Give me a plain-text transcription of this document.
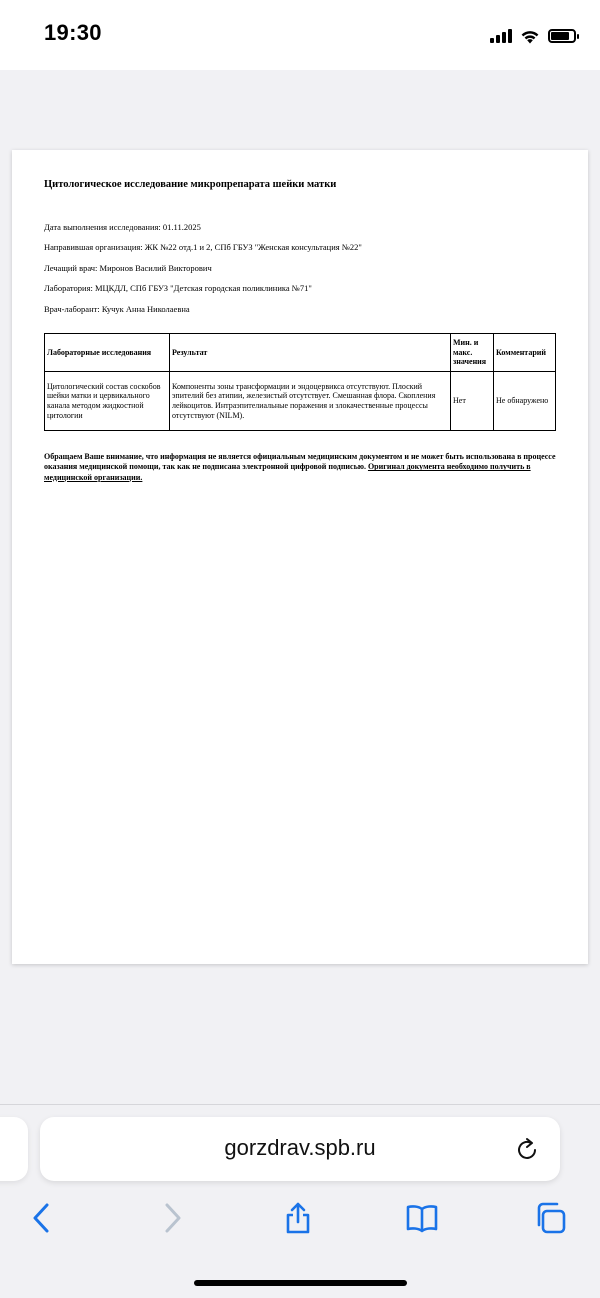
19:30
Цитологическое исследование микропрепарата шейки матки
Дата выполнения исследования: 01.11.2025
Направившая организация: ЖК №22 отд.1 и 2, СПб ГБУЗ "Женская консультация №22"
Лечащий врач: Миронов Василий Викторович
Лаборатория: МЦКДЛ, СПб ГБУЗ "Детская городская поликлиника №71"
Врач-лаборант: Кучук Анна Николаевна
Лабораторные исследования	Результат	Мин. и макс. значения	Комментарий
Цитологический состав соскобов шейки матки и цервикального канала методом жидкостной цитологии	Компоненты зоны трансформации и эндоцервикса отсутствуют. Плоский эпителий без атипии, железистый отсутствует. Смешанная флора. Скопления лейкоцитов. Интраэпителиальные поражения и злокачественные процессы отсутствуют (NILM).	Нет	Не обнаружено
Обращаем Ваше внимание, что информация не является официальным медицинским документом и не может быть использована в процессе оказания медицинской помощи, так как не подписана электронной цифровой подписью. Оригинал документа необходимо получить в медицинской организации.
gorzdrav.spb.ru
